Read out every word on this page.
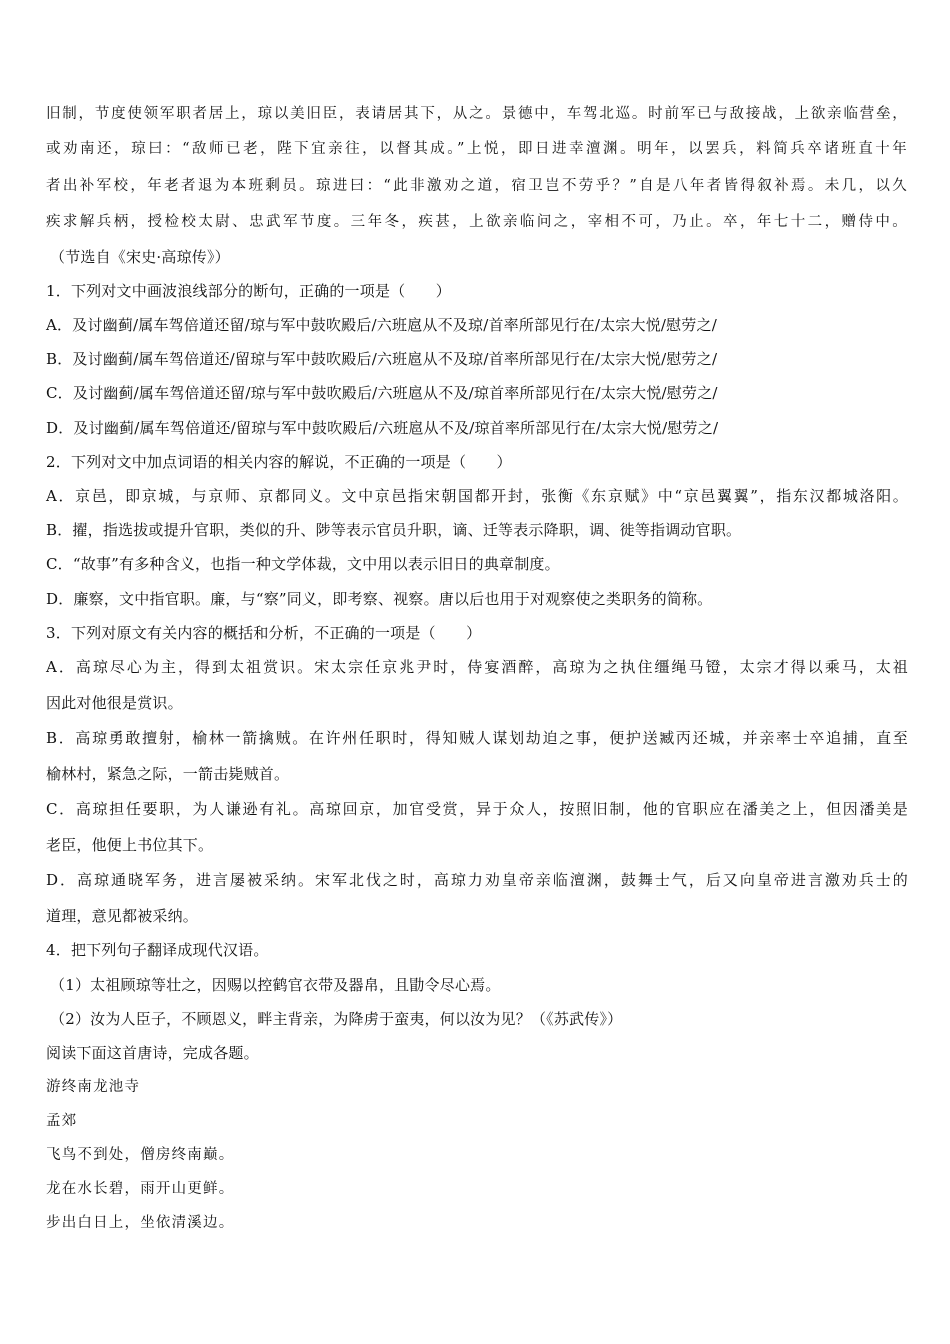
旧制，节度使领军职者居上，琼以美旧臣，表请居其下，从之。景德中，车驾北巡。时前军已与敌接战，上欲亲临营垒，
或劝南还，琼曰：“敌师已老，陛下宜亲往，以督其成。”上悦，即日进幸澶渊。明年，以罢兵，料简兵卒诸班直十年
者出补军校，年老者退为本班剩员。琼进曰：“此非激劝之道，宿卫岂不劳乎？”自是八年者皆得叙补焉。未几，以久
疾求解兵柄，授检校太尉、忠武军节度。三年冬，疾甚，上欲亲临问之，宰相不可，乃止。卒，年七十二，赠侍中。
（节选自《宋史·高琼传》）
1．下列对文中画波浪线部分的断句，正确的一项是（　　）
A．及讨幽蓟/属车驾倍道还留/琼与军中鼓吹殿后/六班扈从不及琼/首率所部见行在/太宗大悦/慰劳之/
B．及讨幽蓟/属车驾倍道还/留琼与军中鼓吹殿后/六班扈从不及琼/首率所部见行在/太宗大悦/慰劳之/
C．及讨幽蓟/属车驾倍道还留/琼与军中鼓吹殿后/六班扈从不及/琼首率所部见行在/太宗大悦/慰劳之/
D．及讨幽蓟/属车驾倍道还/留琼与军中鼓吹殿后/六班扈从不及/琼首率所部见行在/太宗大悦/慰劳之/
2．下列对文中加点词语的相关内容的解说，不正确的一项是（　　）
A．京邑，即京城，与京师、京都同义。文中京邑指宋朝国都开封，张衡《东京赋》中“京邑翼翼”，指东汉都城洛阳。
B．擢，指选拔或提升官职，类似的升、陟等表示官员升职，谪、迁等表示降职，调、徙等指调动官职。
C．“故事”有多种含义，也指一种文学体裁，文中用以表示旧日的典章制度。
D．廉察，文中指官职。廉，与“察”同义，即考察、视察。唐以后也用于对观察使之类职务的简称。
3．下列对原文有关内容的概括和分析，不正确的一项是（　　）
A．高琼尽心为主，得到太祖赏识。宋太宗任京兆尹时，侍宴酒醉，高琼为之执住缰绳马镫，太宗才得以乘马，太祖
因此对他很是赏识。
B．高琼勇敢擅射，榆林一箭擒贼。在许州任职时，得知贼人谋划劫迫之事，便护送臧丙还城，并亲率士卒追捕，直至
榆林村，紧急之际，一箭击毙贼首。
C．高琼担任要职，为人谦逊有礼。高琼回京，加官受赏，异于众人，按照旧制，他的官职应在潘美之上，但因潘美是
老臣，他便上书位其下。
D．高琼通晓军务，进言屡被采纳。宋军北伐之时，高琼力劝皇帝亲临澶渊，鼓舞士气，后又向皇帝进言激劝兵士的
道理，意见都被采纳。
4．把下列句子翻译成现代汉语。
（1）太祖顾琼等壮之，因赐以控鹤官衣带及器帛，且勖令尽心焉。
（2）汝为人臣子，不顾恩义，畔主背亲，为降虏于蛮夷，何以汝为见？（《苏武传》）
阅读下面这首唐诗，完成各题。
游终南龙池寺
孟郊
飞鸟不到处，僧房终南巅。
龙在水长碧，雨开山更鲜。
步出白日上，坐依清溪边。
